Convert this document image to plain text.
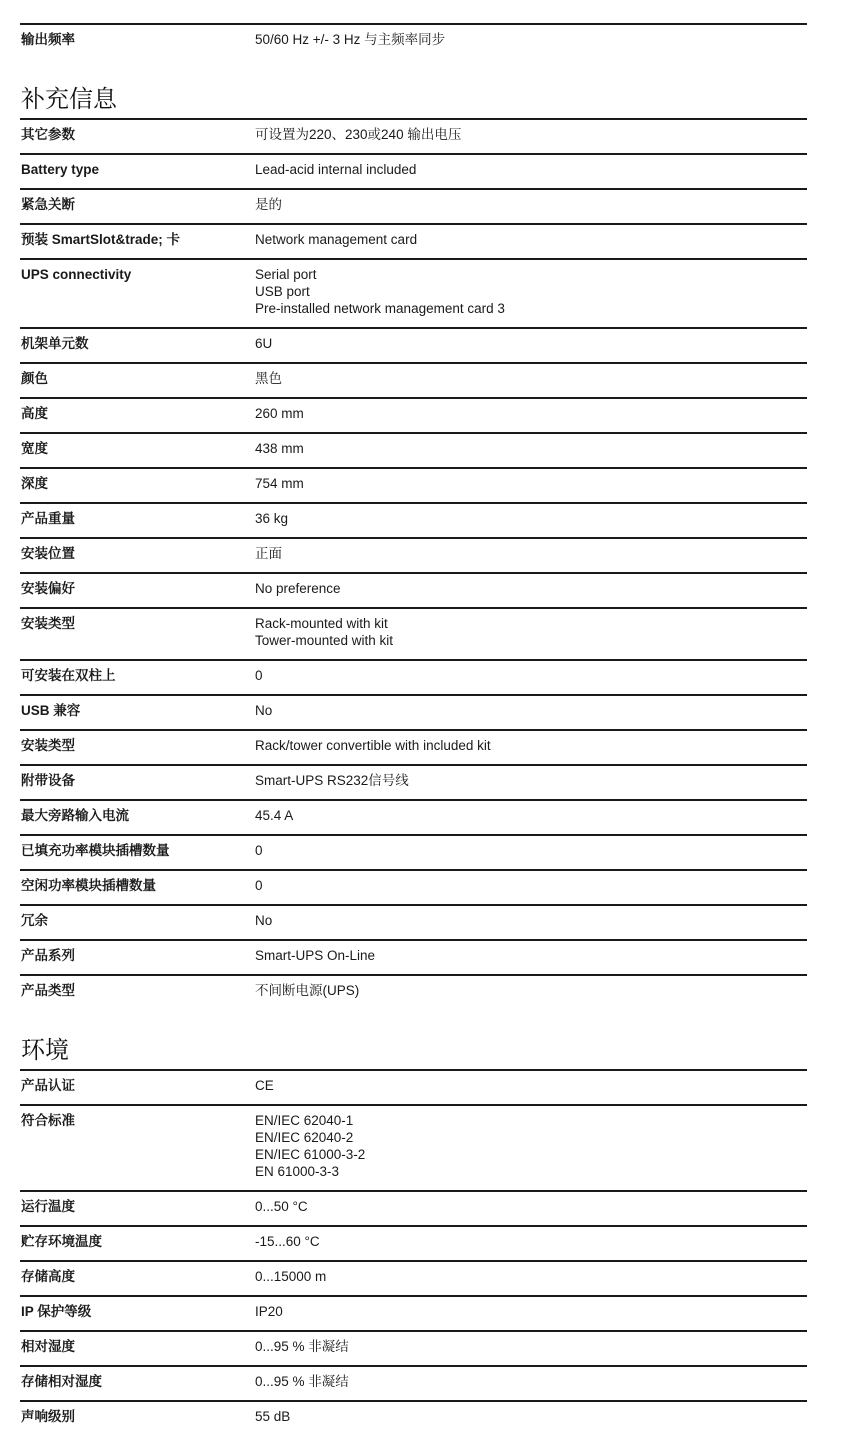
输出频率	50/60 Hz +/- 3 Hz 与主频率同步
补充信息
其它参数	可设置为220、230或240 输出电压
Battery type	Lead-acid internal included
紧急关断	是的
预装 SmartSlot&trade; 卡	Network management card
UPS connectivity	Serial port
USB port
Pre-installed network management card 3
机架单元数	6U
颜色	黑色
高度	260 mm
宽度	438 mm
深度	754 mm
产品重量	36 kg
安装位置	正面
安装偏好	No preference
安装类型	Rack-mounted with kit
Tower-mounted with kit
可安装在双柱上	0
USB 兼容	No
安装类型	Rack/tower convertible with included kit
附带设备	Smart-UPS RS232信号线
最大旁路输入电流	45.4 A
已填充功率模块插槽数量	0
空闲功率模块插槽数量	0
冗余	No
产品系列	Smart-UPS On-Line
产品类型	不间断电源(UPS)
环境
产品认证	CE
符合标准	EN/IEC 62040-1
EN/IEC 62040-2
EN/IEC 61000-3-2
EN 61000-3-3
运行温度	0...50 °C
贮存环境温度	-15...60 °C
存储高度	0...15000 m
IP 保护等级	IP20
相对湿度	0...95 % 非凝结
存储相对湿度	0...95 % 非凝结
声响级别	55 dB
